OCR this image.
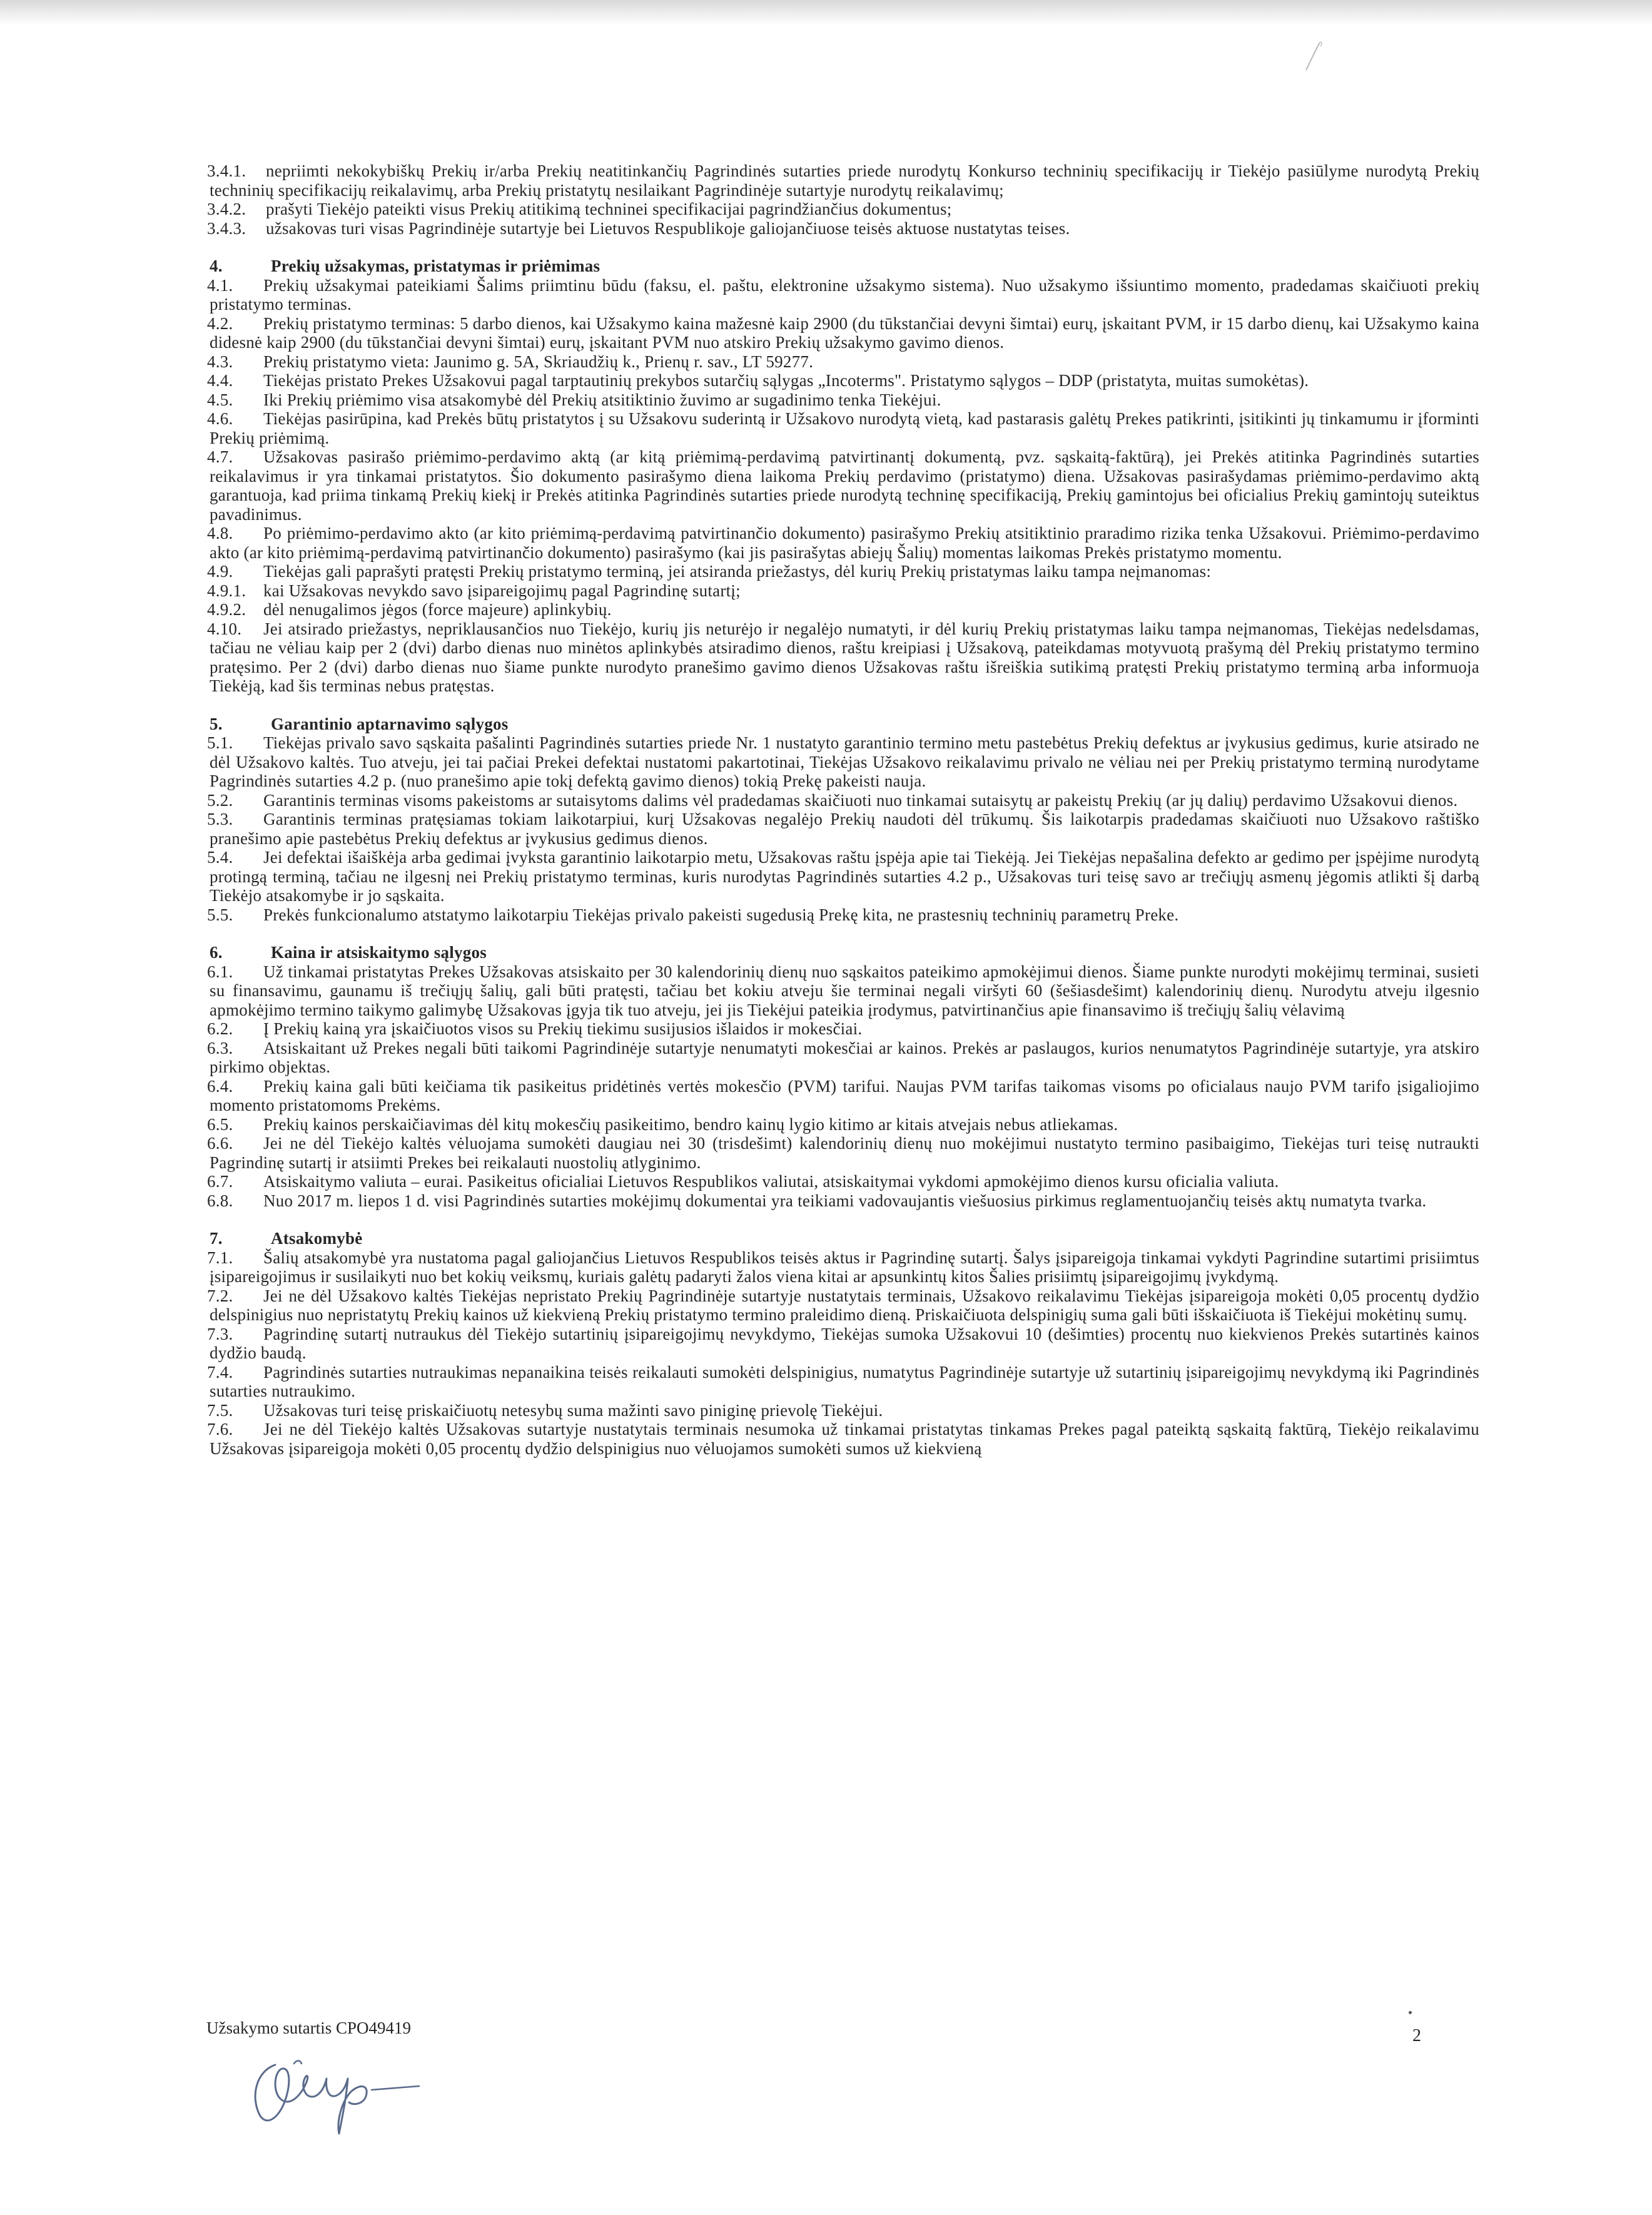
3.4.1. nepriimti nekokybiškų Prekių ir/arba Prekių neatitinkančių Pagrindinės sutarties priede nurodytų Konkurso techninių specifikacijų ir Tiekėjo pasiūlyme nurodytą Prekių techninių specifikacijų reikalavimų, arba Prekių pristatytų nesilaikant Pagrindinėje sutartyje nurodytų reikalavimų;

3.4.2. prašyti Tiekėjo pateikti visus Prekių atitikimą techninei specifikacijai pagrindžiančius dokumentus;

3.4.3. užsakovas turi visas Pagrindinėje sutartyje bei Lietuvos Respublikoje galiojančiuose teisės aktuose nustatytas teises.

4.	Prekių užsakymas, pristatymas ir priėmimas

4.1. Prekių užsakymai pateikiami Šalims priimtinu būdu (faksu, el. paštu, elektronine užsakymo sistema). Nuo užsakymo išsiuntimo momento, pradedamas skaičiuoti prekių pristatymo terminas.

4.2. Prekių pristatymo terminas: 5 darbo dienos, kai Užsakymo kaina mažesnė kaip 2900 (du tūkstančiai devyni šimtai) eurų, įskaitant PVM, ir 15 darbo dienų, kai Užsakymo kaina didesnė kaip 2900 (du tūkstančiai devyni šimtai) eurų, įskaitant PVM nuo atskiro Prekių užsakymo gavimo dienos.

4.3. Prekių pristatymo vieta: Jaunimo g. 5A, Skriaudžių k., Prienų r. sav., LT 59277.

4.4. Tiekėjas pristato Prekes Užsakovui pagal tarptautinių prekybos sutarčių sąlygas „Incoterms". Pristatymo sąlygos – DDP (pristatyta, muitas sumokėtas).

4.5. Iki Prekių priėmimo visa atsakomybė dėl Prekių atsitiktinio žuvimo ar sugadinimo tenka Tiekėjui.

4.6. Tiekėjas pasirūpina, kad Prekės būtų pristatytos į su Užsakovu suderintą ir Užsakovo nurodytą vietą, kad pastarasis galėtų Prekes patikrinti, įsitikinti jų tinkamumu ir įforminti Prekių priėmimą.

4.7. Užsakovas pasirašo priėmimo-perdavimo aktą (ar kitą priėmimą-perdavimą patvirtinantį dokumentą, pvz. sąskaitą-faktūrą), jei Prekės atitinka Pagrindinės sutarties reikalavimus ir yra tinkamai pristatytos. Šio dokumento pasirašymo diena laikoma Prekių perdavimo (pristatymo) diena. Užsakovas pasirašydamas priėmimo-perdavimo aktą garantuoja, kad priima tinkamą Prekių kiekį ir Prekės atitinka Pagrindinės sutarties priede nurodytą techninę specifikaciją, Prekių gamintojus bei oficialius Prekių gamintojų suteiktus pavadinimus.

4.8. Po priėmimo-perdavimo akto (ar kito priėmimą-perdavimą patvirtinančio dokumento) pasirašymo Prekių atsitiktinio praradimo rizika tenka Užsakovui. Priėmimo-perdavimo akto (ar kito priėmimą-perdavimą patvirtinančio dokumento) pasirašymo (kai jis pasirašytas abiejų Šalių) momentas laikomas Prekės pristatymo momentu.

4.9. Tiekėjas gali paprašyti pratęsti Prekių pristatymo terminą, jei atsiranda priežastys, dėl kurių Prekių pristatymas laiku tampa neįmanomas:

4.9.1. kai Užsakovas nevykdo savo įsipareigojimų pagal Pagrindinę sutartį;

4.9.2. dėl nenugalimos jėgos (force majeure) aplinkybių.

4.10. Jei atsirado priežastys, nepriklausančios nuo Tiekėjo, kurių jis neturėjo ir negalėjo numatyti, ir dėl kurių Prekių pristatymas laiku tampa neįmanomas, Tiekėjas nedelsdamas, tačiau ne vėliau kaip per 2 (dvi) darbo dienas nuo minėtos aplinkybės atsiradimo dienos, raštu kreipiasi į Užsakovą, pateikdamas motyvuotą prašymą dėl Prekių pristatymo termino pratęsimo. Per 2 (dvi) darbo dienas nuo šiame punkte nurodyto pranešimo gavimo dienos Užsakovas raštu išreiškia sutikimą pratęsti Prekių pristatymo terminą arba informuoja Tiekėją, kad šis terminas nebus pratęstas.

5.	Garantinio aptarnavimo sąlygos

5.1. Tiekėjas privalo savo sąskaita pašalinti Pagrindinės sutarties priede Nr. 1 nustatyto garantinio termino metu pastebėtus Prekių defektus ar įvykusius gedimus, kurie atsirado ne dėl Užsakovo kaltės. Tuo atveju, jei tai pačiai Prekei defektai nustatomi pakartotinai, Tiekėjas Užsakovo reikalavimu privalo ne vėliau nei per Prekių pristatymo terminą nurodytame Pagrindinės sutarties 4.2 p. (nuo pranešimo apie tokį defektą gavimo dienos) tokią Prekę pakeisti nauja.

5.2. Garantinis terminas visoms pakeistoms ar sutaisytoms dalims vėl pradedamas skaičiuoti nuo tinkamai sutaisytų ar pakeistų Prekių (ar jų dalių) perdavimo Užsakovui dienos.

5.3. Garantinis terminas pratęsiamas tokiam laikotarpiui, kurį Užsakovas negalėjo Prekių naudoti dėl trūkumų. Šis laikotarpis pradedamas skaičiuoti nuo Užsakovo raštiško pranešimo apie pastebėtus Prekių defektus ar įvykusius gedimus dienos.

5.4. Jei defektai išaiškėja arba gedimai įvyksta garantinio laikotarpio metu, Užsakovas raštu įspėja apie tai Tiekėją. Jei Tiekėjas nepašalina defekto ar gedimo per įspėjime nurodytą protingą terminą, tačiau ne ilgesnį nei Prekių pristatymo terminas, kuris nurodytas Pagrindinės sutarties 4.2 p., Užsakovas turi teisę savo ar trečiųjų asmenų jėgomis atlikti šį darbą Tiekėjo atsakomybe ir jo sąskaita.

5.5. Prekės funkcionalumo atstatymo laikotarpiu Tiekėjas privalo pakeisti sugedusią Prekę kita, ne prastesnių techninių parametrų Preke.

6.	Kaina ir atsiskaitymo sąlygos

6.1. Už tinkamai pristatytas Prekes Užsakovas atsiskaito per 30 kalendorinių dienų nuo sąskaitos pateikimo apmokėjimui dienos. Šiame punkte nurodyti mokėjimų terminai, susieti su finansavimu, gaunamu iš trečiųjų šalių, gali būti pratęsti, tačiau bet kokiu atveju šie terminai negali viršyti 60 (šešiasdešimt) kalendorinių dienų. Nurodytu atveju ilgesnio apmokėjimo termino taikymo galimybę Užsakovas įgyja tik tuo atveju, jei jis Tiekėjui pateikia įrodymus, patvirtinančius apie finansavimo iš trečiųjų šalių vėlavimą

6.2. Į Prekių kainą yra įskaičiuotos visos su Prekių tiekimu susijusios išlaidos ir mokesčiai.

6.3. Atsiskaitant už Prekes negali būti taikomi Pagrindinėje sutartyje nenumatyti mokesčiai ar kainos. Prekės ar paslaugos, kurios nenumatytos Pagrindinėje sutartyje, yra atskiro pirkimo objektas.

6.4. Prekių kaina gali būti keičiama tik pasikeitus pridėtinės vertės mokesčio (PVM) tarifui. Naujas PVM tarifas taikomas visoms po oficialaus naujo PVM tarifo įsigaliojimo momento pristatomoms Prekėms.

6.5. Prekių kainos perskaičiavimas dėl kitų mokesčių pasikeitimo, bendro kainų lygio kitimo ar kitais atvejais nebus atliekamas.

6.6. Jei ne dėl Tiekėjo kaltės vėluojama sumokėti daugiau nei 30 (trisdešimt) kalendorinių dienų nuo mokėjimui nustatyto termino pasibaigimo, Tiekėjas turi teisę nutraukti Pagrindinę sutartį ir atsiimti Prekes bei reikalauti nuostolių atlyginimo.

6.7. Atsiskaitymo valiuta – eurai. Pasikeitus oficialiai Lietuvos Respublikos valiutai, atsiskaitymai vykdomi apmokėjimo dienos kursu oficialia valiuta.

6.8. Nuo 2017 m. liepos 1 d. visi Pagrindinės sutarties mokėjimų dokumentai yra teikiami vadovaujantis viešuosius pirkimus reglamentuojančių teisės aktų numatyta tvarka.

7.	Atsakomybė

7.1. Šalių atsakomybė yra nustatoma pagal galiojančius Lietuvos Respublikos teisės aktus ir Pagrindinę sutartį. Šalys įsipareigoja tinkamai vykdyti Pagrindine sutartimi prisiimtus įsipareigojimus ir susilaikyti nuo bet kokių veiksmų, kuriais galėtų padaryti žalos viena kitai ar apsunkintų kitos Šalies prisiimtų įsipareigojimų įvykdymą.

7.2. Jei ne dėl Užsakovo kaltės Tiekėjas nepristato Prekių Pagrindinėje sutartyje nustatytais terminais, Užsakovo reikalavimu Tiekėjas įsipareigoja mokėti 0,05 procentų dydžio delspinigius nuo nepristatytų Prekių kainos už kiekvieną Prekių pristatymo termino praleidimo dieną. Priskaičiuota delspinigių suma gali būti išskaičiuota iš Tiekėjui mokėtinų sumų.

7.3. Pagrindinę sutartį nutraukus dėl Tiekėjo sutartinių įsipareigojimų nevykdymo, Tiekėjas sumoka Užsakovui 10 (dešimties) procentų nuo kiekvienos Prekės sutartinės kainos dydžio baudą.

7.4. Pagrindinės sutarties nutraukimas nepanaikina teisės reikalauti sumokėti delspinigius, numatytus Pagrindinėje sutartyje už sutartinių įsipareigojimų nevykdymą iki Pagrindinės sutarties nutraukimo.

7.5. Užsakovas turi teisę priskaičiuotų netesybų suma mažinti savo piniginę prievolę Tiekėjui.

7.6. Jei ne dėl Tiekėjo kaltės Užsakovas sutartyje nustatytais terminais nesumoka už tinkamai pristatytas tinkamas Prekes pagal pateiktą sąskaitą faktūrą, Tiekėjo reikalavimu Užsakovas įsipareigoja mokėti 0,05 procentų dydžio delspinigius nuo vėluojamos sumokėti sumos už kiekvieną

Užsakymo sutartis CPO49419	2
